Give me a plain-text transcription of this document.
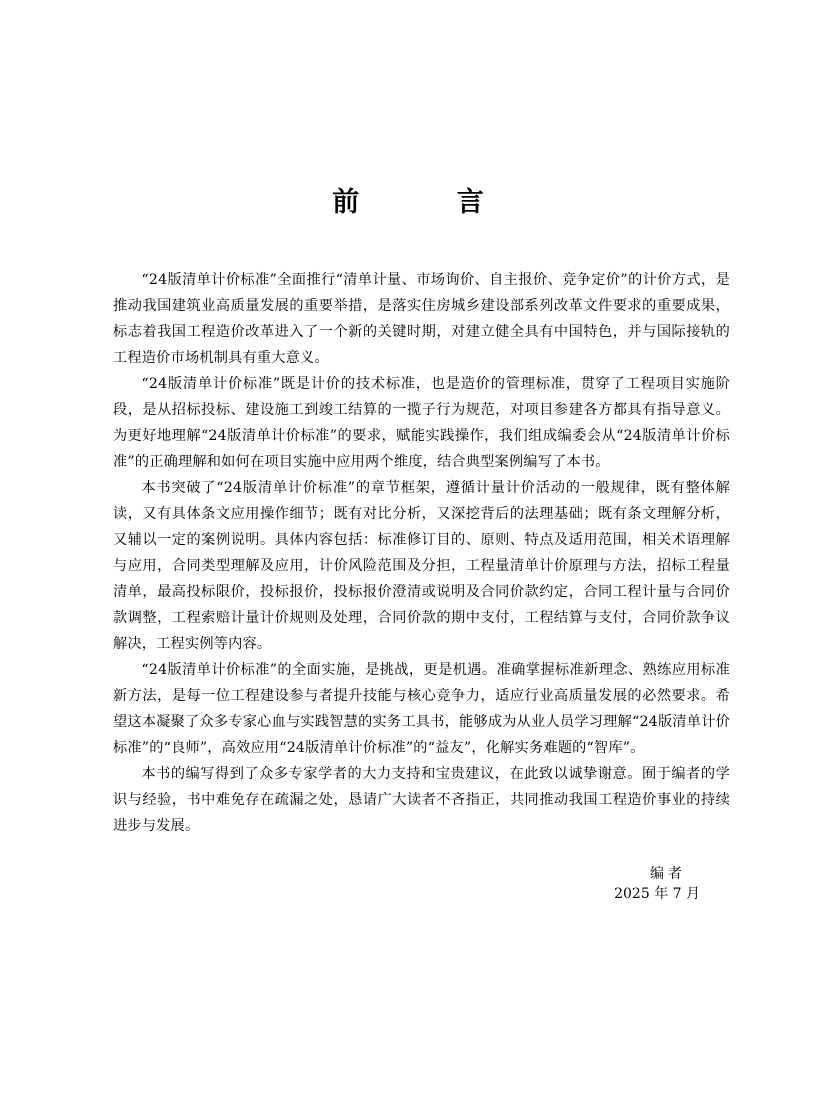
前 言

“24版清单计价标准”全面推行“清单计量、市场询价、自主报价、竞争定价”的计价方式，是推动我国建筑业高质量发展的重要举措，是落实住房城乡建设部系列改革文件要求的重要成果，标志着我国工程造价改革进入了一个新的关键时期，对建立健全具有中国特色，并与国际接轨的工程造价市场机制具有重大意义。

“24版清单计价标准”既是计价的技术标准，也是造价的管理标准，贯穿了工程项目实施阶段，是从招标投标、建设施工到竣工结算的一揽子行为规范，对项目参建各方都具有指导意义。为更好地理解“24版清单计价标准”的要求，赋能实践操作，我们组成编委会从“24版清单计价标准”的正确理解和如何在项目实施中应用两个维度，结合典型案例编写了本书。

本书突破了“24版清单计价标准”的章节框架，遵循计量计价活动的一般规律，既有整体解读，又有具体条文应用操作细节；既有对比分析，又深挖背后的法理基础；既有条文理解分析，又辅以一定的案例说明。具体内容包括：标准修订目的、原则、特点及适用范围，相关术语理解与应用，合同类型理解及应用，计价风险范围及分担，工程量清单计价原理与方法，招标工程量清单，最高投标限价，投标报价，投标报价澄清或说明及合同价款约定，合同工程计量与合同价款调整，工程索赔计量计价规则及处理，合同价款的期中支付，工程结算与支付，合同价款争议解决，工程实例等内容。

“24版清单计价标准”的全面实施，是挑战，更是机遇。准确掌握标准新理念、熟练应用标准新方法，是每一位工程建设参与者提升技能与核心竞争力，适应行业高质量发展的必然要求。希望这本凝聚了众多专家心血与实践智慧的实务工具书，能够成为从业人员学习理解“24版清单计价标准”的“良师”，高效应用“24版清单计价标准”的“益友”，化解实务难题的“智库”。

本书的编写得到了众多专家学者的大力支持和宝贵建议，在此致以诚挚谢意。囿于编者的学识与经验，书中难免存在疏漏之处，恳请广大读者不吝指正，共同推动我国工程造价事业的持续进步与发展。

编者
2025 年 7 月
